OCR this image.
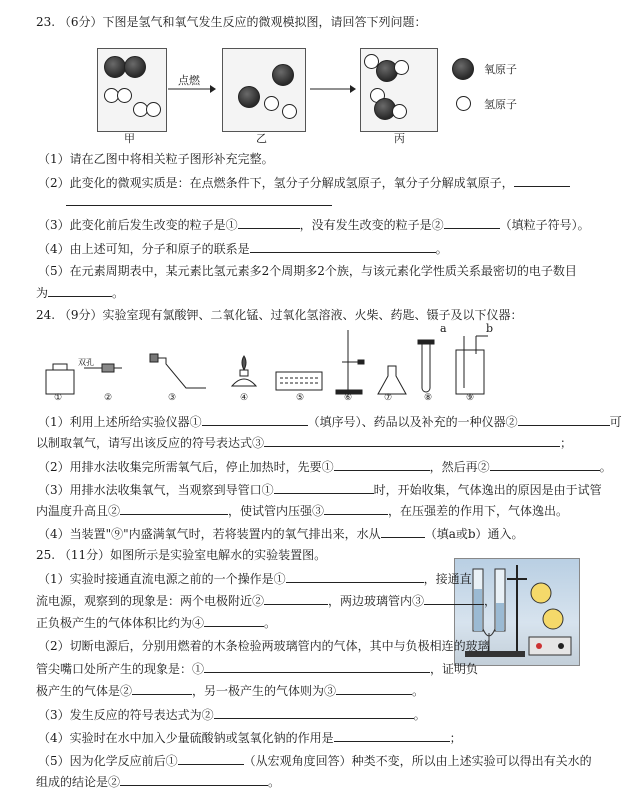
23. （6分）下图是氢气和氧气发生反应的微观模拟图，请回答下列问题：
甲
点燃
乙	丙
氧原子
氢原子
（1）请在乙图中将相关粒子图形补充完整。
（2）此变化的微观实质是：在点燃条件下，氢分子分解成氢原子，氧分子分解成氧原子，
（3）此变化前后发生改变的粒子是①	，没有发生改变的粒子是②	（填粒子符号）。
（4）由上述可知，分子和原子的联系是	。
（5）在元素周期表中，某元素比氢元素多2个周期多2个族，与该元素化学性质关系最密切的电子数目
为	。
24. （9分）实验室现有氯酸钾、二氧化锰、过氧化氢溶液、火柴、药匙、镊子及以下仪器：
a	b
双孔
①	②	③	④	⑤	⑥	⑦	⑧	⑨
（1）利用上述所给实验仪器①	（填序号）、药品以及补充的一种仪器②	可
以制取氧气，请写出该反应的符号表达式③	；
（2）用排水法收集完所需氧气后，停止加热时，先要①	，然后再②	。
（3）用排水法收集氧气，当观察到导管口①	时，开始收集，气体逸出的原因是由于试管
内温度升高且②	，使试管内压强③	，在压强差的作用下，气体逸出。
（4）当装置"⑨"内盛满氧气时，若将装置内的氧气排出来，水从	（填a或b）通入。
25. （11分）如图所示是实验室电解水的实验装置图。
（1）实验时接通直流电源之前的一个操作是①	，接通直
流电源，观察到的现象是：两个电极附近②	，两边玻璃管内③	，
正负极产生的气体体积比约为④	。
（2）切断电源后，分别用燃着的木条检验两玻璃管内的气体，其中与负极相连的玻璃
管尖嘴口处所产生的现象是：①	，证明负
极产生的气体是②	，另一极产生的气体则为③	。
（3）发生反应的符号表达式为②	。
（4）实验时在水中加入少量硫酸钠或氢氧化钠的作用是	；
（5）因为化学反应前后①	（从宏观角度回答）种类不变，所以由上述实验可以得出有关水的
组成的结论是②	。
